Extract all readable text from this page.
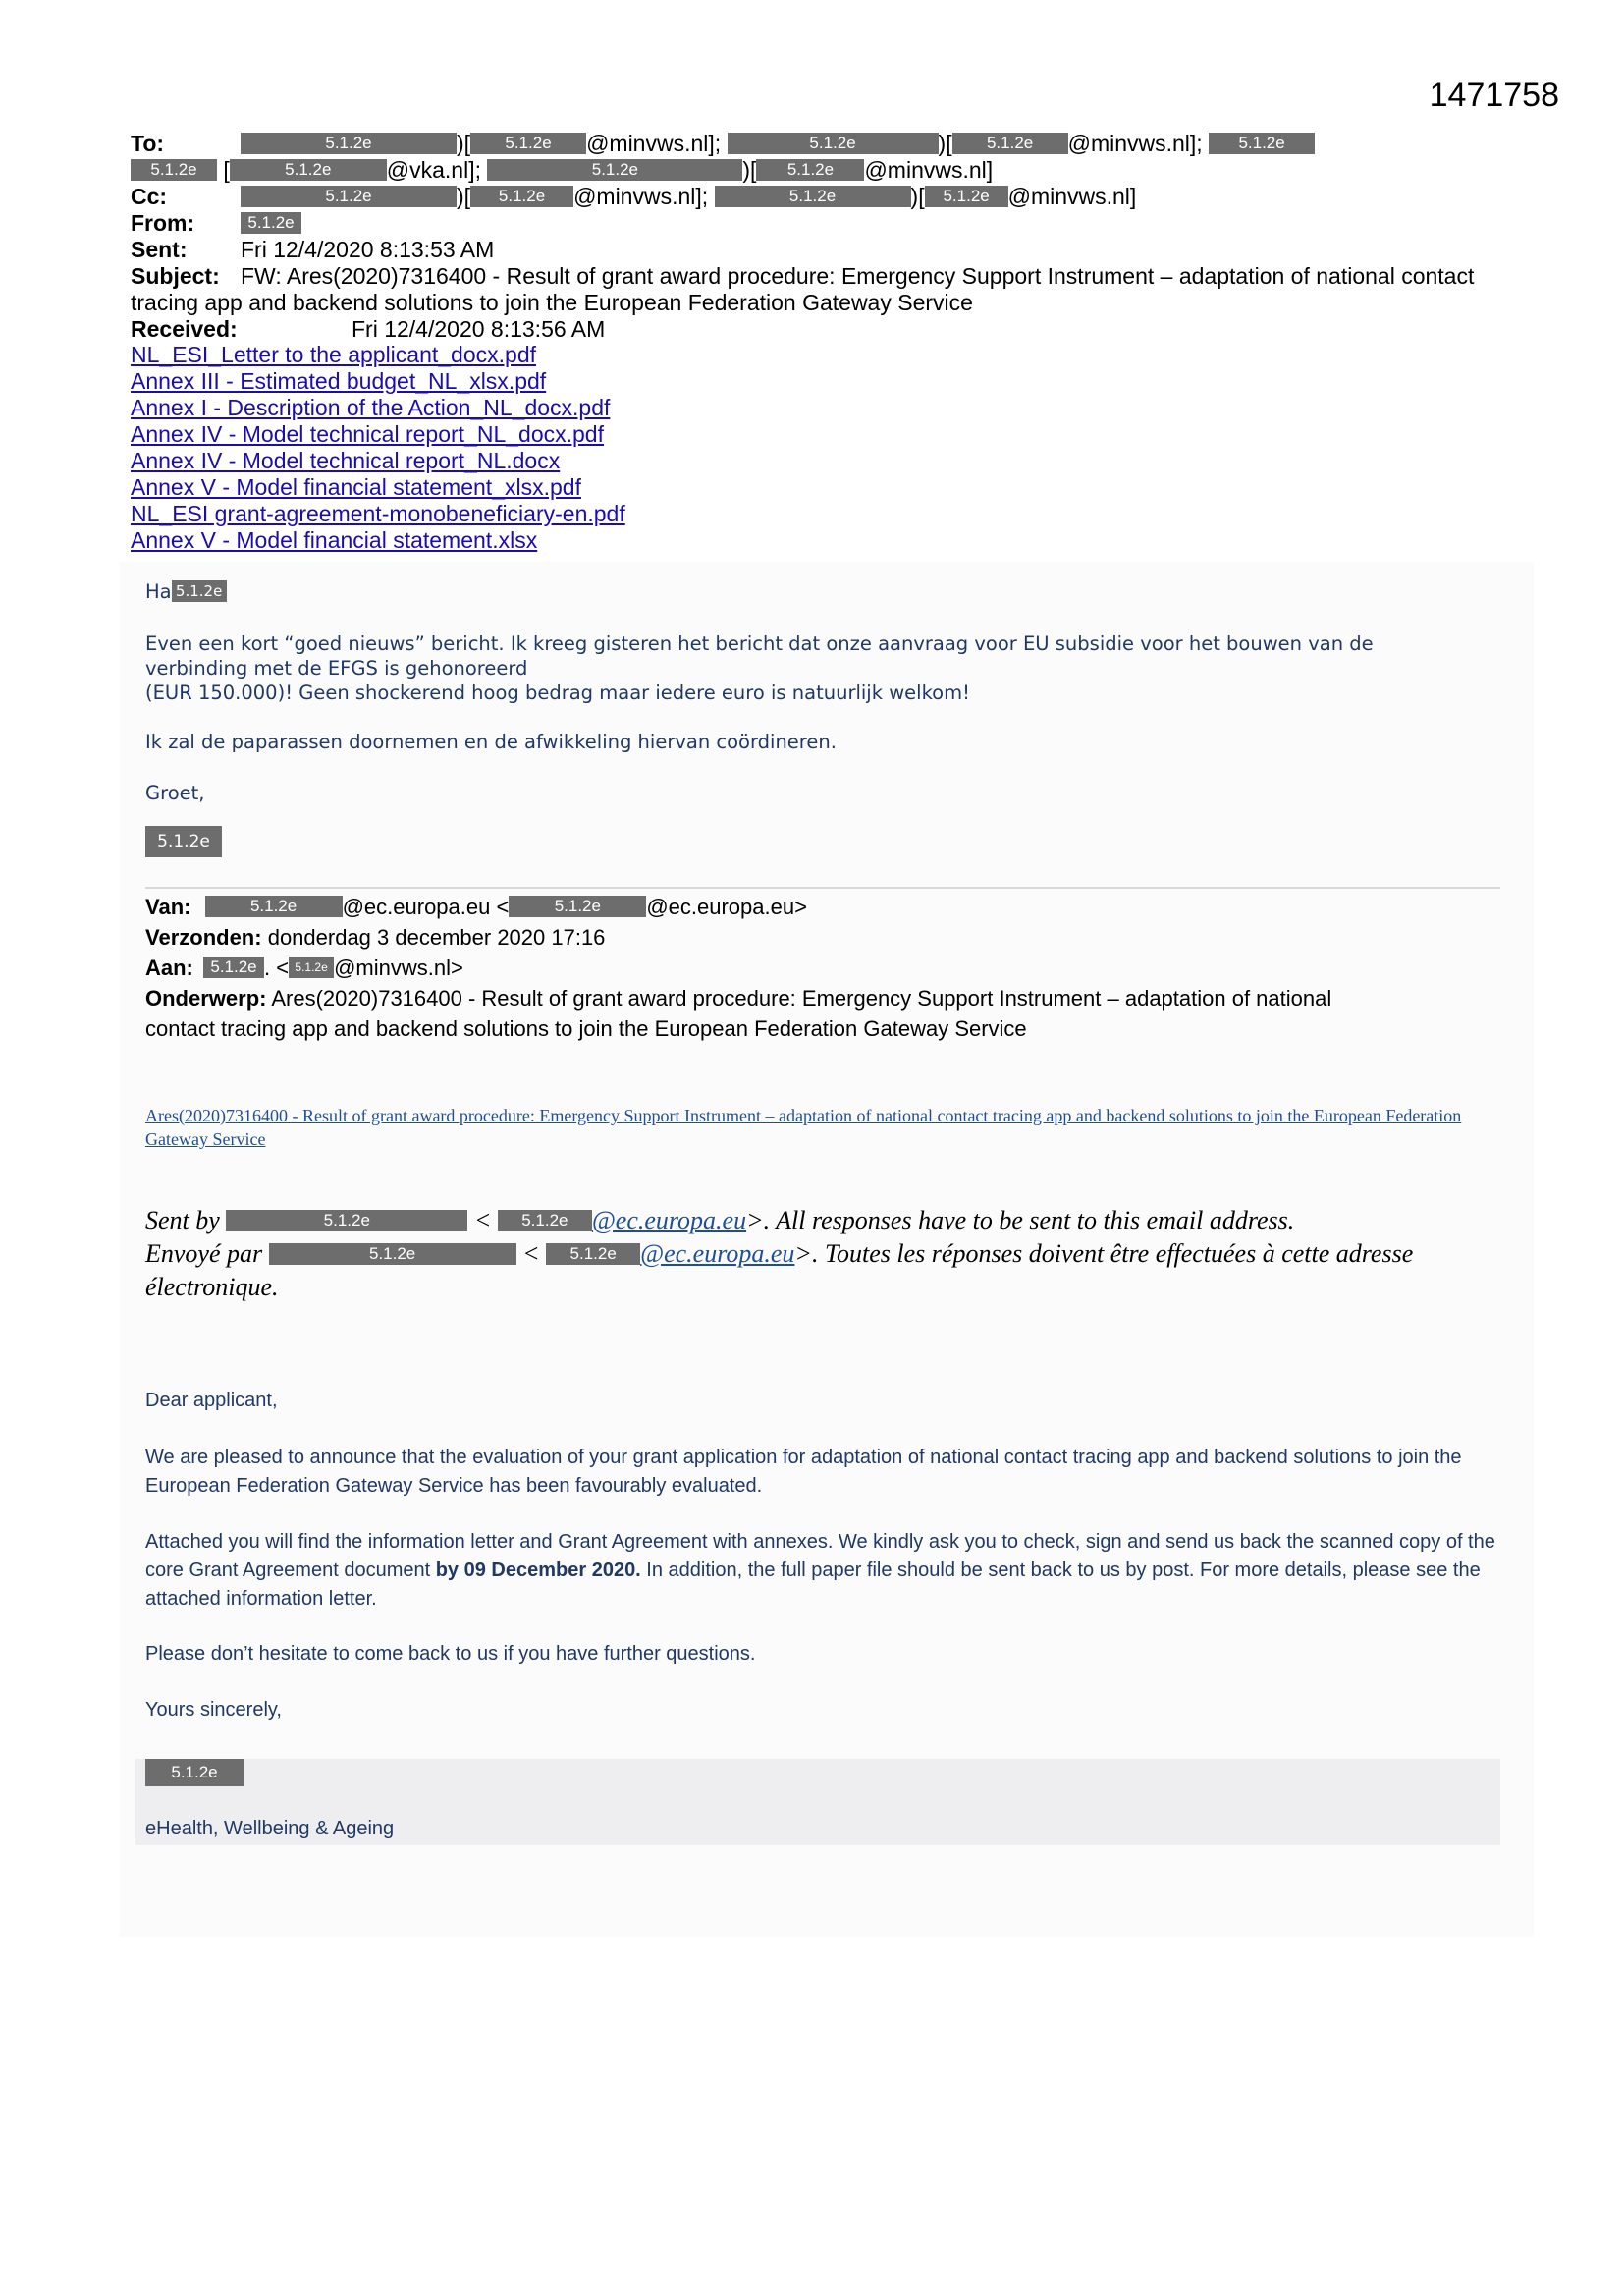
1471758
To:	5.1.2e	)[ 5.1.2e @minvws.nl];	5.1.2e	)[ 5.1.2e @minvws.nl]; 5.1.2e
5.1.2e [	5.1.2e @vka.nl];	5.1.2e	)[ 5.1.2e @minvws.nl]
Cc:	5.1.2e	)[ 5.1.2e @minvws.nl];	5.1.2e	)[ 5.1.2e @minvws.nl]
From:	5.1.2e
Sent: Fri 12/4/2020 8:13:53 AM
Subject: FW: Ares(2020)7316400 - Result of grant award procedure: Emergency Support Instrument – adaptation of national contact
tracing app and backend solutions to join the European Federation Gateway Service
Received:	Fri 12/4/2020 8:13:56 AM
NL_ESI_Letter to the applicant_docx.pdf
Annex III - Estimated budget_NL_xlsx.pdf
Annex I - Description of the Action_NL_docx.pdf
Annex IV - Model technical report_NL_docx.pdf
Annex IV - Model technical report_NL.docx
Annex V - Model financial statement_xlsx.pdf
NL_ESI grant-agreement-monobeneficiary-en.pdf
Annex V - Model financial statement.xlsx
Ha 5.1.2e
Even een kort “goed nieuws” bericht. Ik kreeg gisteren het bericht dat onze aanvraag voor EU subsidie voor het bouwen van de
verbinding met de EFGS is gehonoreerd
(EUR 150.000)! Geen shockerend hoog bedrag maar iedere euro is natuurlijk welkom!
Ik zal de paparassen doornemen en de afwikkeling hiervan coördineren.
Groet,
5.1.2e
Van:	5.1.2e @ec.europa.eu <	5.1.2e @ec.europa.eu>
Verzonden: donderdag 3 december 2020 17:16
Aan: 5.1.2e . < 5.1.2e @minvws.nl>
Onderwerp: Ares(2020)7316400 - Result of grant award procedure: Emergency Support Instrument – adaptation of national
contact tracing app and backend solutions to join the European Federation Gateway Service
Ares(2020)7316400 - Result of grant award procedure: Emergency Support Instrument – adaptation of national contact tracing app and backend solutions to join the European Federation Gateway Service
Sent by	5.1.2e	< 5.1.2e @ec.europa.eu>. All responses have to be sent to this email address.
Envoyé par	5.1.2e	< 5.1.2e @ec.europa.eu>. Toutes les réponses doivent être effectuées à cette adresse
électronique.
Dear applicant,
We are pleased to announce that the evaluation of your grant application for adaptation of national contact tracing app and backend solutions to join the European Federation Gateway Service has been favourably evaluated.
Attached you will find the information letter and Grant Agreement with annexes. We kindly ask you to check, sign and send us back the scanned copy of the core Grant Agreement document by 09 December 2020. In addition, the full paper file should be sent back to us by post. For more details, please see the attached information letter.
Please don’t hesitate to come back to us if you have further questions.
Yours sincerely,
5.1.2e
eHealth, Wellbeing & Ageing
